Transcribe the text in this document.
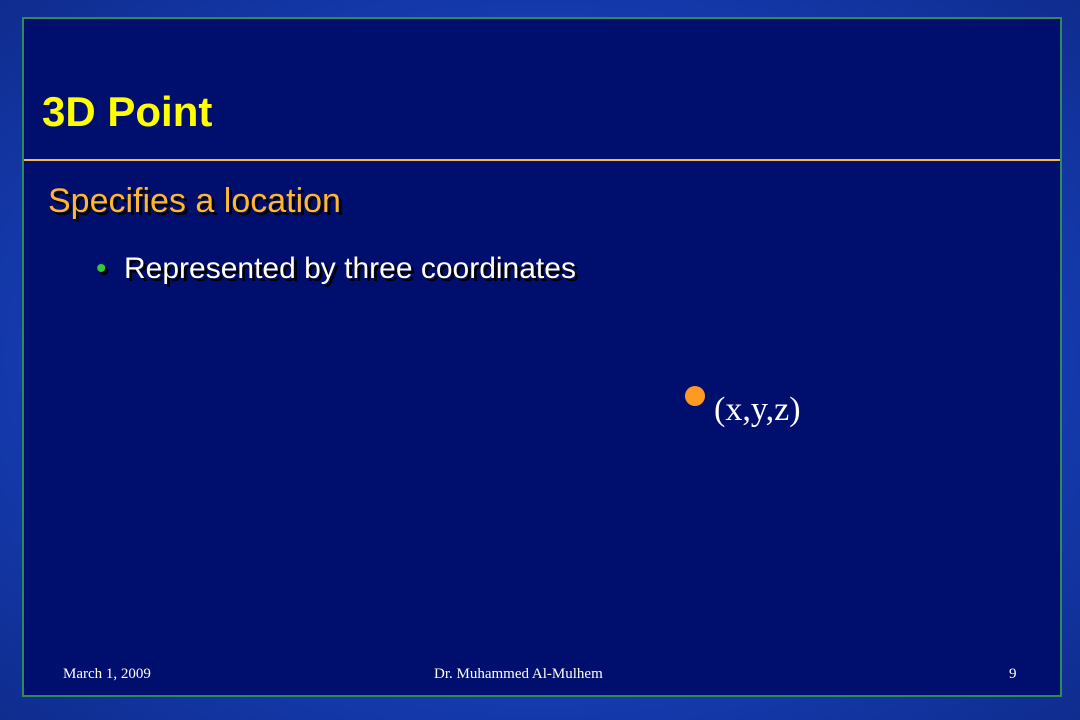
3D Point
Specifies a location
• Represented by three coordinates
(x,y,z)
March 1, 2009	Dr. Muhammed Al-Mulhem	9
